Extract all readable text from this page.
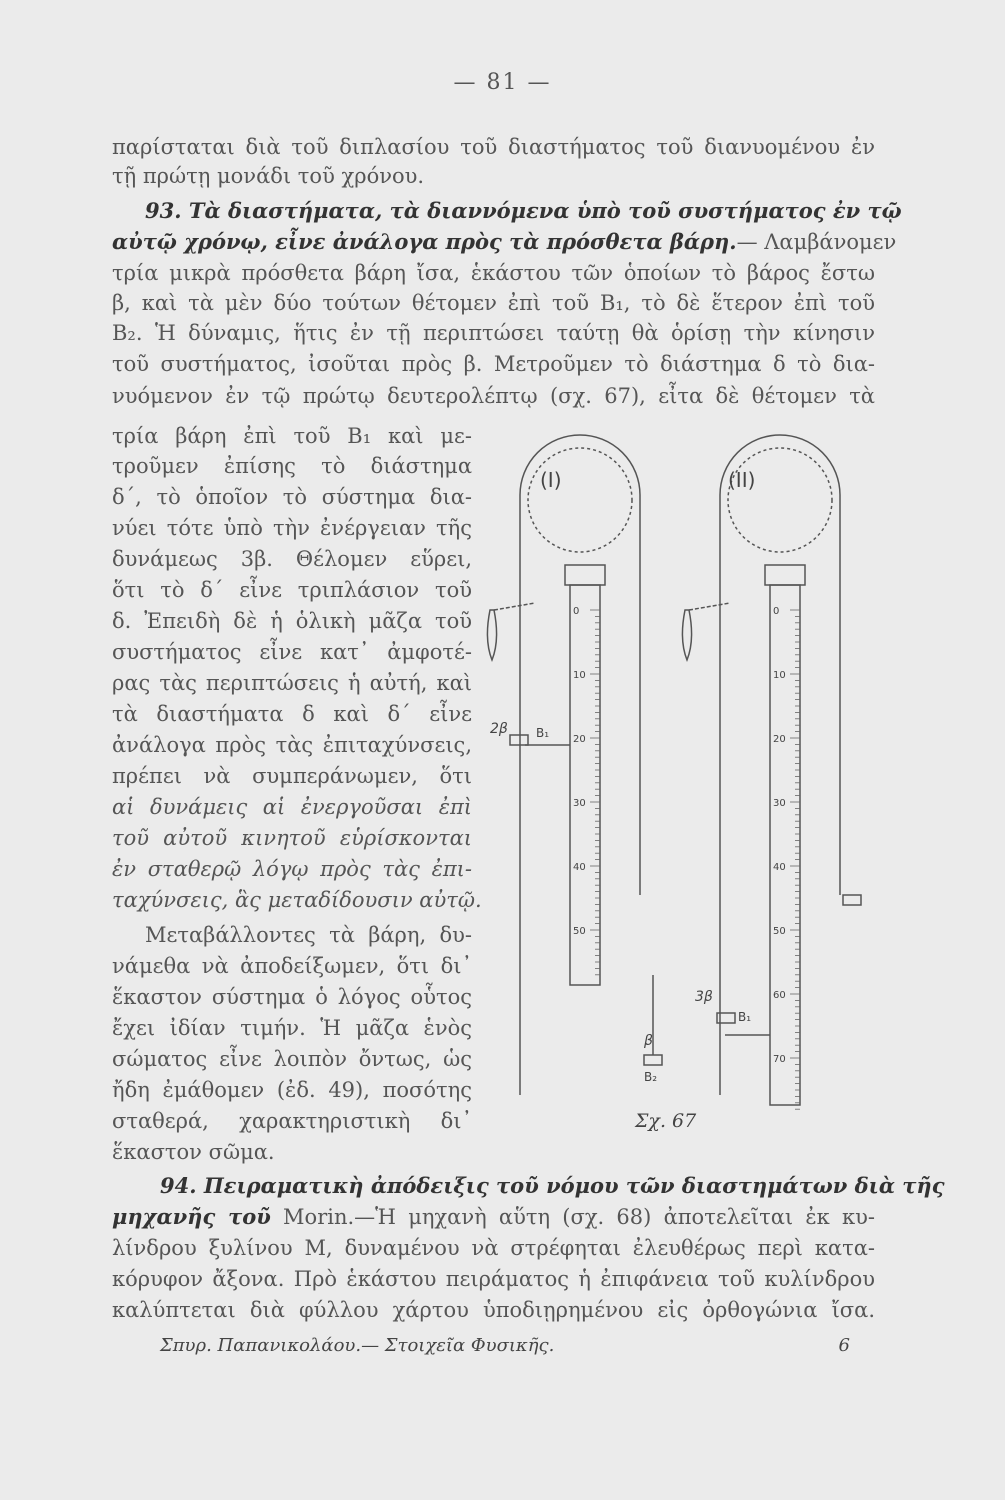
— 81 —
παρίσταται διὰ τοῦ διπλασίου τοῦ διαστήματος τοῦ διανυομένου ἐν
τῇ πρώτῃ μονάδι τοῦ χρόνου.
93. Τὰ διαστήματα, τὰ διαννόμενα ὑπὸ τοῦ συστήματος ἐν τῷ
αὐτῷ χρόνῳ, εἶνε ἀνάλογα πρὸς τὰ πρόσθετα βάρη.— Λαμβάνομεν
τρία μικρὰ πρόσθετα βάρη ἴσα, ἑκάστου τῶν ὁποίων τὸ βάρος ἔστω
β, καὶ τὰ μὲν δύο τούτων θέτομεν ἐπὶ τοῦ Β₁, τὸ δὲ ἕτερον ἐπὶ τοῦ
Β₂. Ἡ δύναμις, ἥτις ἐν τῇ περιπτώσει ταύτῃ θὰ ὁρίσῃ τὴν κίνησιν
τοῦ συστήματος, ἰσοῦται πρὸς β. Μετροῦμεν τὸ διάστημα δ τὸ δια-
νυόμενον ἐν τῷ πρώτῳ δευτερολέπτῳ (σχ. 67), εἶτα δὲ θέτομεν τὰ
τρία βάρη ἐπὶ τοῦ Β₁ καὶ με-
τροῦμεν ἐπίσης τὸ διάστημα
δ΄, τὸ ὁποῖον τὸ σύστημα δια-
νύει τότε ὑπὸ τὴν ἐνέργειαν τῆς
δυνάμεως 3β. Θέλομεν εὕρει,
ὅτι τὸ δ΄ εἶνε τριπλάσιον τοῦ
δ. Ἐπειδὴ δὲ ἡ ὁλικὴ μᾶζα τοῦ
συστήματος εἶνε κατ᾽ ἀμφοτέ-
ρας τὰς περιπτώσεις ἡ αὐτή, καὶ
τὰ διαστήματα δ καὶ δ΄ εἶνε
ἀνάλογα πρὸς τὰς ἐπιταχύνσεις,
πρέπει νὰ συμπεράνωμεν, ὅτι
αἱ δυνάμεις αἱ ἐνεργοῦσαι ἐπὶ
τοῦ αὐτοῦ κινητοῦ εὑρίσκονται
ἐν σταθερῷ λόγῳ πρὸς τὰς ἐπι-
ταχύνσεις, ἃς μεταδίδουσιν αὐτῷ.
Μεταβάλλοντες τὰ βάρη, δυ-
νάμεθα νὰ ἀποδείξωμεν, ὅτι δι᾽
ἕκαστον σύστημα ὁ λόγος οὗτος
ἔχει ἰδίαν τιμήν. Ἡ μᾶζα ἑνὸς
σώματος εἶνε λοιπὸν ὄντως, ὡς
ἤδη ἐμάθομεν (ἐδ. 49), ποσότης
σταθερά, χαρακτηριστικὴ δι᾽
ἕκαστον σῶμα.
94. Πειραματικὴ ἀπόδειξις τοῦ νόμου τῶν διαστημάτων διὰ τῆς
μηχανῆς τοῦ Morin.—Ἡ μηχανὴ αὕτη (σχ. 68) ἀποτελεῖται ἐκ κυ-
λίνδρου ξυλίνου Μ, δυναμένου νὰ στρέφηται ἐλευθέρως περὶ κατα-
κόρυφον ἄξονα. Πρὸ ἑκάστου πειράματος ἡ ἐπιφάνεια τοῦ κυλίνδρου
καλύπτεται διὰ φύλλου χάρτου ὑποδιῃρημένου εἰς ὀρθογώνια ἴσα.
(Ι)
2β Β₁
β
Β₂
(ΙΙ)
3β
Β₁
0
10
20
30
40
50
0
10
20
30
40
50
60
70
Σχ. 67
Σπυρ. Παπανικολάου.— Στοιχεῖα Φυσικῆς.	6
